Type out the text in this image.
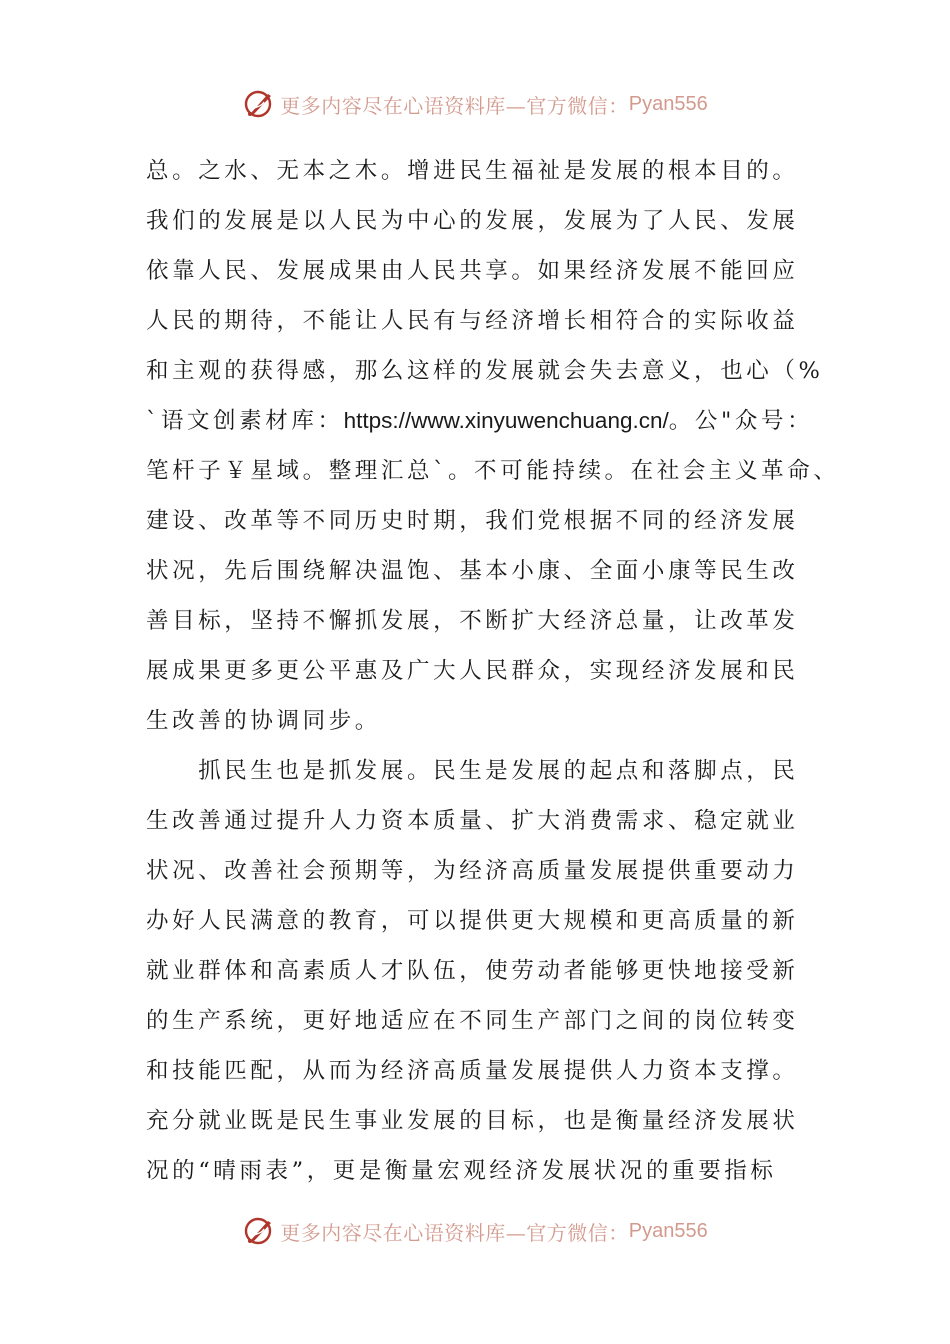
更多内容尽在心语资料库—官方微信： Pyan556
总。之水、无本之木。增进民生福祉是发展的根本目的。
我们的发展是以人民为中心的发展，发展为了人民、发展
依靠人民、发展成果由人民共享。如果经济发展不能回应
人民的期待，不能让人民有与经济增长相符合的实际收益
和主观的获得感，那么这样的发展就会失去意义，也心（%
`语文创素材库：https://www.xinyuwenchuang.cn/。公"众号：
笔杆子￥星域。整理汇总`。不可能持续。在社会主义革命、
建设、改革等不同历史时期，我们党根据不同的经济发展
状况，先后围绕解决温饱、基本小康、全面小康等民生改
善目标，坚持不懈抓发展，不断扩大经济总量，让改革发
展成果更多更公平惠及广大人民群众，实现经济发展和民
生改善的协调同步。
　　抓民生也是抓发展。民生是发展的起点和落脚点，民
生改善通过提升人力资本质量、扩大消费需求、稳定就业
状况、改善社会预期等，为经济高质量发展提供重要动力
办好人民满意的教育，可以提供更大规模和更高质量的新
就业群体和高素质人才队伍，使劳动者能够更快地接受新
的生产系统，更好地适应在不同生产部门之间的岗位转变
和技能匹配，从而为经济高质量发展提供人力资本支撑。
充分就业既是民生事业发展的目标，也是衡量经济发展状
况的“晴雨表”，更是衡量宏观经济发展状况的重要指标
更多内容尽在心语资料库—官方微信： Pyan556
